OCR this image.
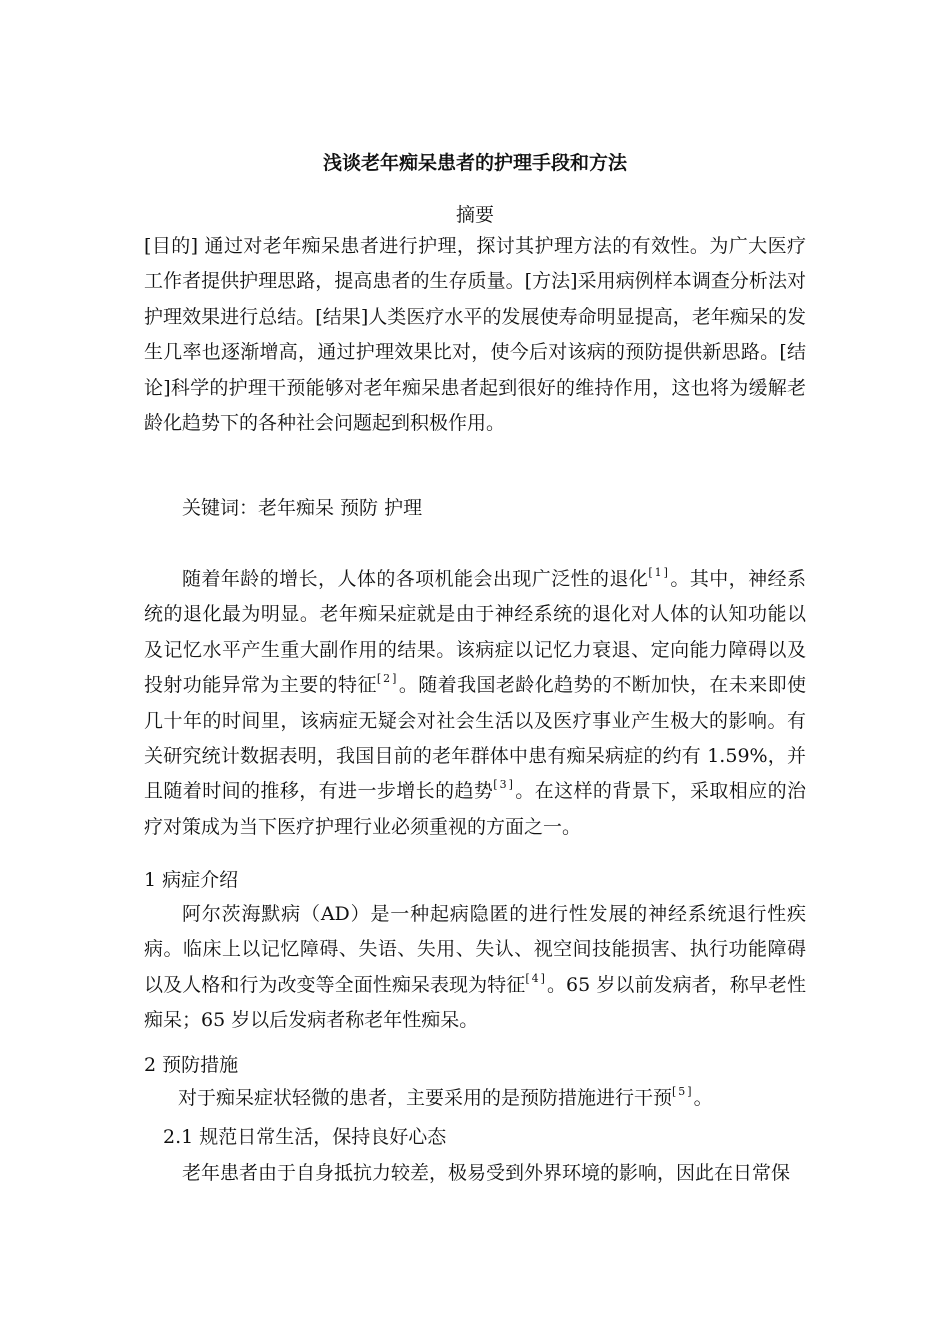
浅谈老年痴呆患者的护理手段和方法
摘要
[目的] 通过对老年痴呆患者进行护理，探讨其护理方法的有效性。为广大医疗工作者提供护理思路，提高患者的生存质量。[方法]采用病例样本调查分析法对护理效果进行总结。[结果]人类医疗水平的发展使寿命明显提高，老年痴呆的发生几率也逐渐增高，通过护理效果比对，使今后对该病的预防提供新思路。[结论]科学的护理干预能够对老年痴呆患者起到很好的维持作用，这也将为缓解老龄化趋势下的各种社会问题起到积极作用。
关键词：老年痴呆 预防 护理
随着年龄的增长，人体的各项机能会出现广泛性的退化[1]。其中，神经系统的退化最为明显。老年痴呆症就是由于神经系统的退化对人体的认知功能以及记忆水平产生重大副作用的结果。该病症以记忆力衰退、定向能力障碍以及投射功能异常为主要的特征[2]。随着我国老龄化趋势的不断加快，在未来即使几十年的时间里，该病症无疑会对社会生活以及医疗事业产生极大的影响。有关研究统计数据表明，我国目前的老年群体中患有痴呆病症的约有 1.59%，并且随着时间的推移，有进一步增长的趋势[3]。在这样的背景下，采取相应的治疗对策成为当下医疗护理行业必须重视的方面之一。
1 病症介绍
阿尔茨海默病（AD）是一种起病隐匿的进行性发展的神经系统退行性疾病。临床上以记忆障碍、失语、失用、失认、视空间技能损害、执行功能障碍以及人格和行为改变等全面性痴呆表现为特征[4]。65 岁以前发病者，称早老性痴呆；65 岁以后发病者称老年性痴呆。
2 预防措施
对于痴呆症状轻微的患者，主要采用的是预防措施进行干预[5]。
2.1 规范日常生活，保持良好心态
老年患者由于自身抵抗力较差，极易受到外界环境的影响，因此在日常保
